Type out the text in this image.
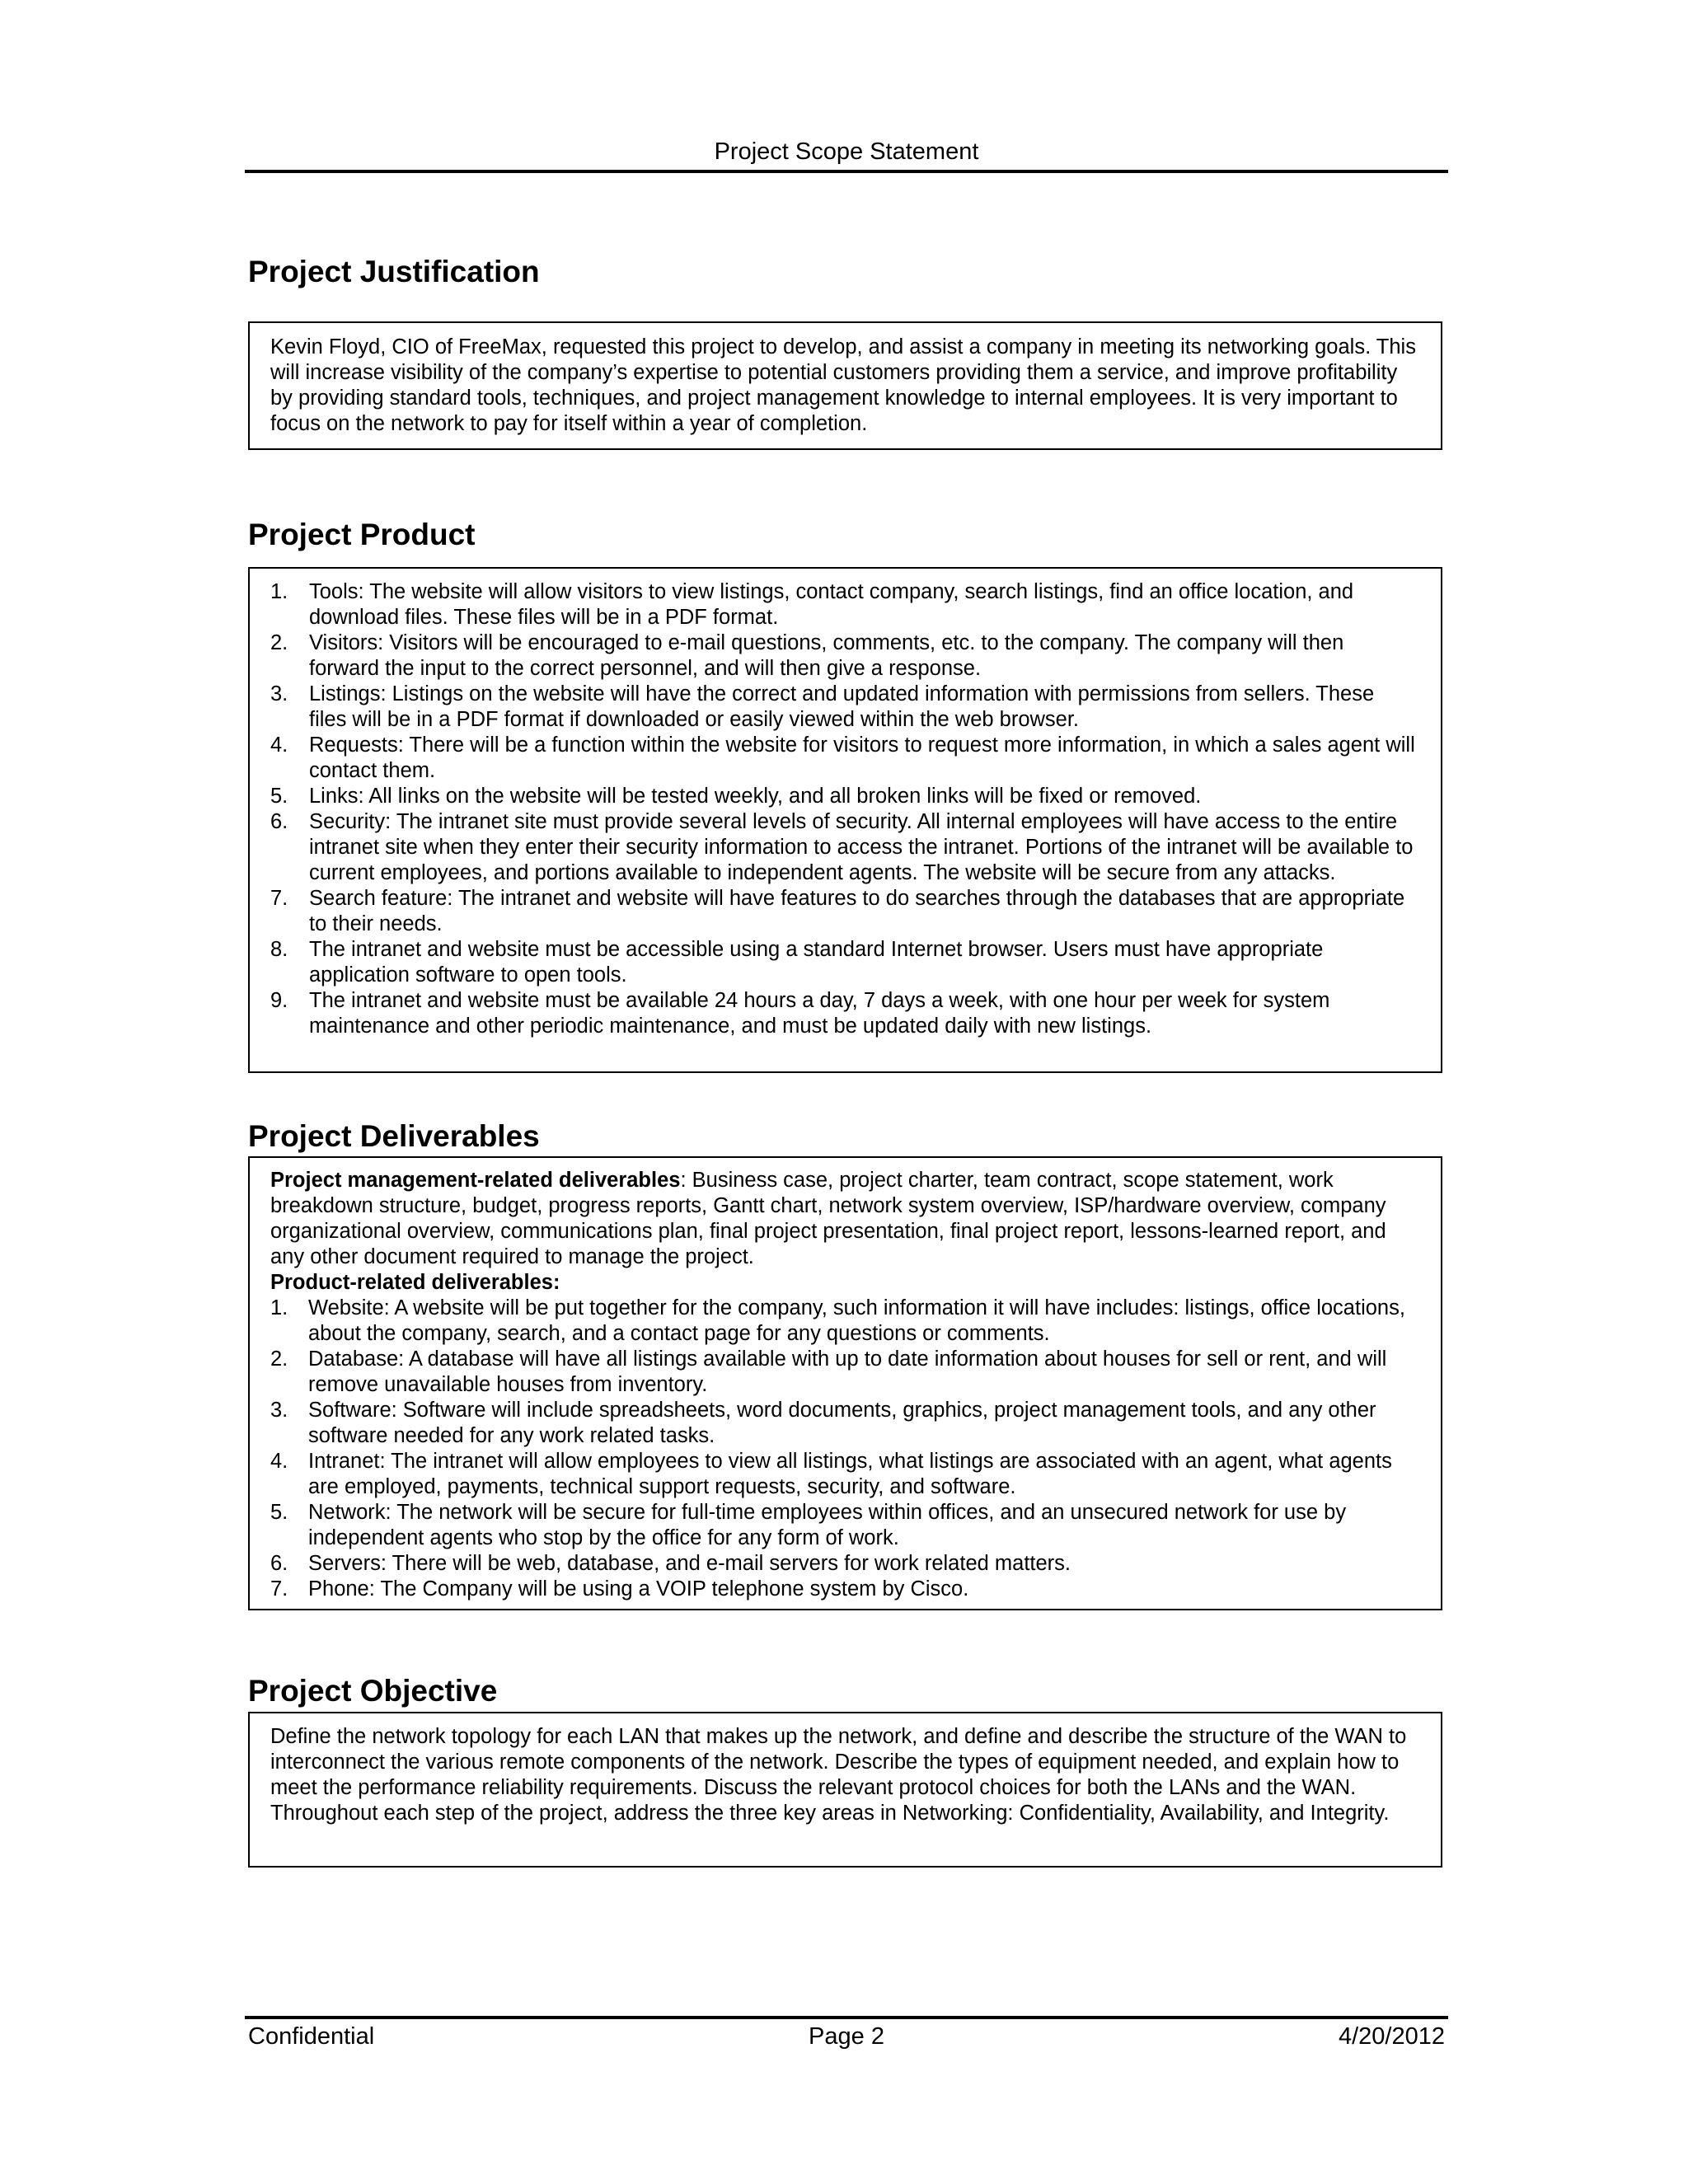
Project Scope Statement
Project Justification

Kevin Floyd, CIO of FreeMax, requested this project to develop, and assist a company in meeting its networking goals. This will increase visibility of the company’s expertise to potential customers providing them a service, and improve profitability by providing standard tools, techniques, and project management knowledge to internal employees. It is very important to focus on the network to pay for itself within a year of completion.

Project Product
1. Tools: The website will allow visitors to view listings, contact company, search listings, find an office location, and download files. These files will be in a PDF format.
2. Visitors: Visitors will be encouraged to e-mail questions, comments, etc. to the company. The company will then forward the input to the correct personnel, and will then give a response.
3. Listings: Listings on the website will have the correct and updated information with permissions from sellers. These files will be in a PDF format if downloaded or easily viewed within the web browser.
4. Requests: There will be a function within the website for visitors to request more information, in which a sales agent will contact them.
5. Links: All links on the website will be tested weekly, and all broken links will be fixed or removed.
6. Security: The intranet site must provide several levels of security. All internal employees will have access to the entire intranet site when they enter their security information to access the intranet. Portions of the intranet will be available to current employees, and portions available to independent agents. The website will be secure from any attacks.
7. Search feature: The intranet and website will have features to do searches through the databases that are appropriate to their needs.
8. The intranet and website must be accessible using a standard Internet browser. Users must have appropriate application software to open tools.
9. The intranet and website must be available 24 hours a day, 7 days a week, with one hour per week for system maintenance and other periodic maintenance, and must be updated daily with new listings.
Project Deliverables

Project management-related deliverables: Business case, project charter, team contract, scope statement, work breakdown structure, budget, progress reports, Gantt chart, network system overview, ISP/hardware overview, company organizational overview, communications plan, final project presentation, final project report, lessons-learned report, and any other document required to manage the project.

Product-related deliverables:

1. Website: A website will be put together for the company, such information it will have includes: listings, office locations, about the company, search, and a contact page for any questions or comments.
2. Database: A database will have all listings available with up to date information about houses for sell or rent, and will remove unavailable houses from inventory.
3. Software: Software will include spreadsheets, word documents, graphics, project management tools, and any other software needed for any work related tasks.
4. Intranet: The intranet will allow employees to view all listings, what listings are associated with an agent, what agents are employed, payments, technical support requests, security, and software.
5. Network: The network will be secure for full-time employees within offices, and an unsecured network for use by independent agents who stop by the office for any form of work.
6. Servers: There will be web, database, and e-mail servers for work related matters.
7. Phone: The Company will be using a VOIP telephone system by Cisco.
Project Objective

Define the network topology for each LAN that makes up the network, and define and describe the structure of the WAN to interconnect the various remote components of the network. Describe the types of equipment needed, and explain how to meet the performance reliability requirements. Discuss the relevant protocol choices for both the LANs and the WAN. Throughout each step of the project, address the three key areas in Networking: Confidentiality, Availability, and Integrity.

Confidential	Page 2	4/20/2012
